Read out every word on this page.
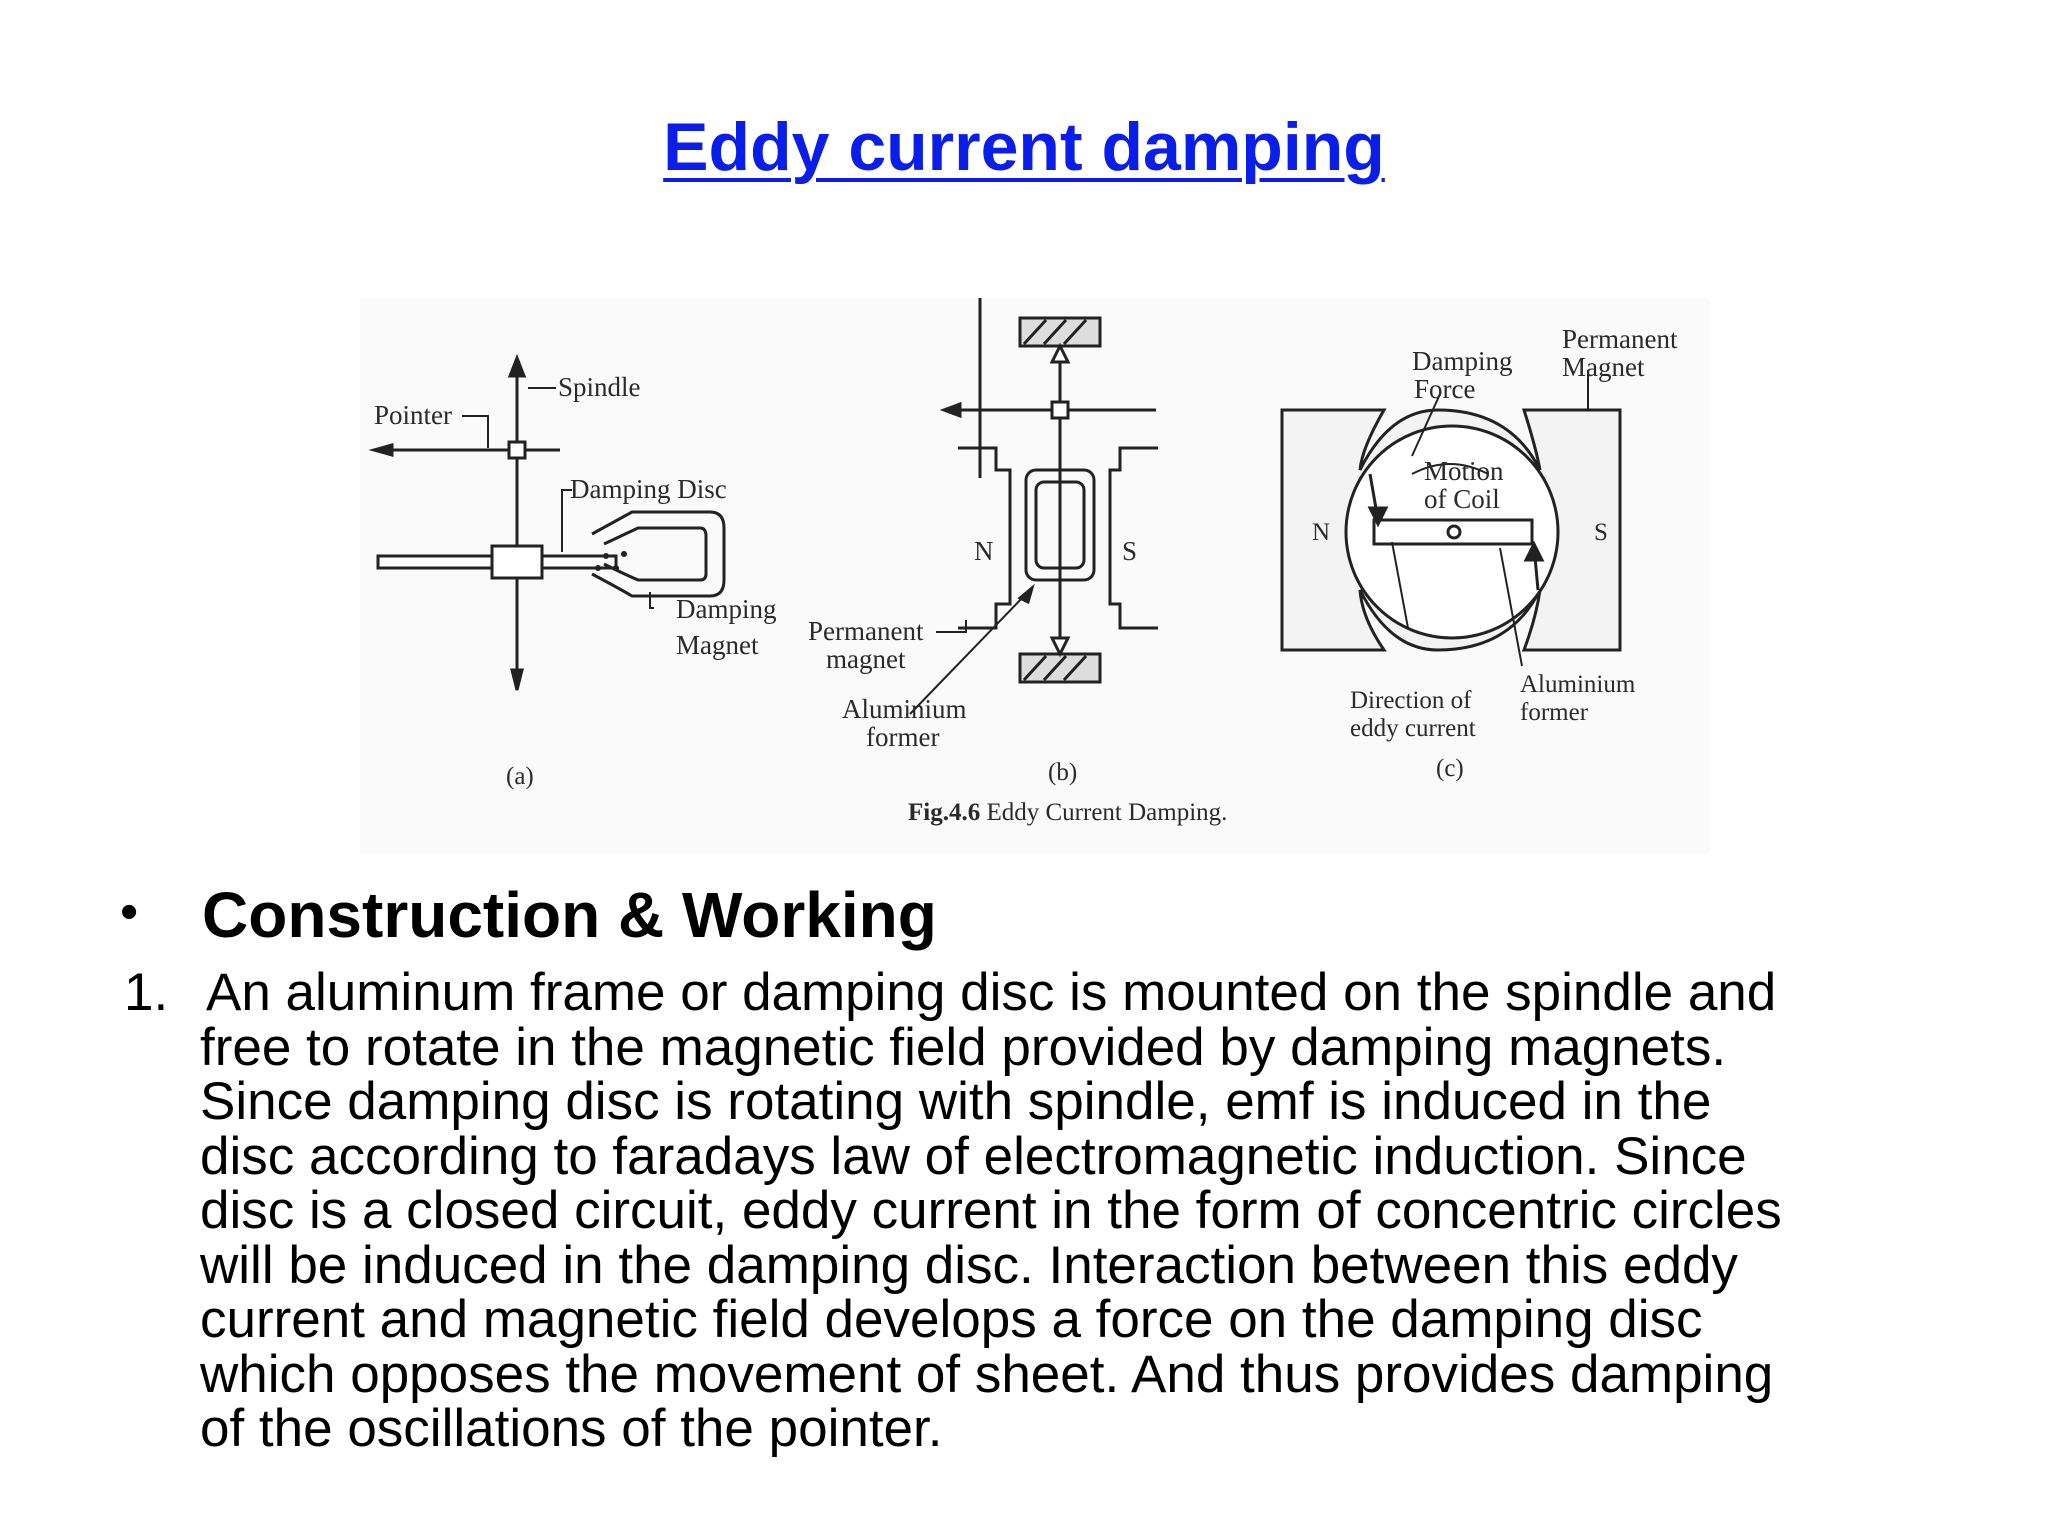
Eddy current damping
Pointer
Spindle
Damping Disc
Damping
Magnet
(a)
N	S
Permanent
magnet
Aluminium
former
(b)
Fig.4.6 Eddy Current Damping.
Damping
Force
Permanent
Magnet
Motion
of Coil
N	S
Direction of
eddy current
Aluminium
former
(c)
• Construction & Working
1. An aluminum frame or damping disc is mounted on the spindle and
free to rotate in the magnetic field provided by damping magnets.
Since damping disc is rotating with spindle, emf is induced in the
disc according to faradays law of electromagnetic induction. Since
disc is a closed circuit, eddy current in the form of concentric circles
will be induced in the damping disc. Interaction between this eddy
current and magnetic field develops a force on the damping disc
which opposes the movement of sheet. And thus provides damping
of the oscillations of the pointer.
